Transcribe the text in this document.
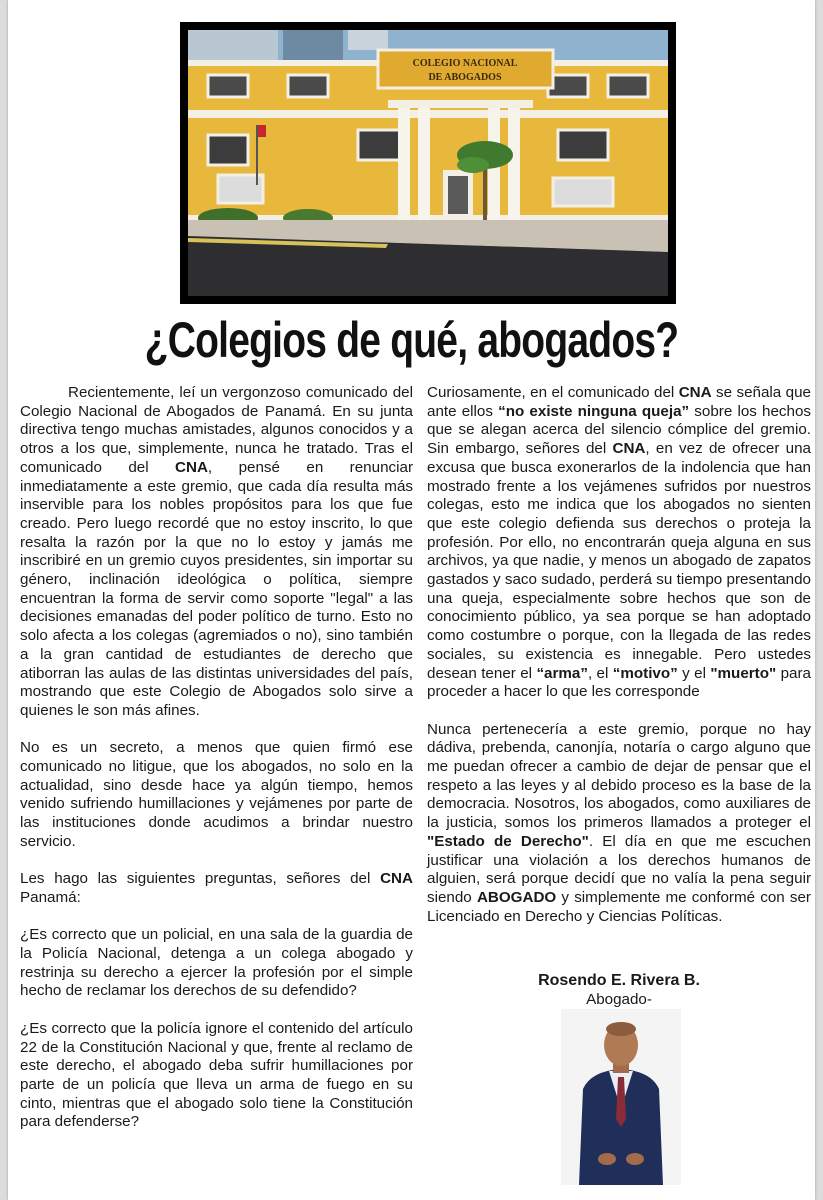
COLEGIO NACIONAL
DE ABOGADOS
¿Colegios de qué, abogados?

Recientemente, leí un vergonzoso comunicado del Colegio Nacional de Abogados de Panamá. En su junta directiva tengo muchas amistades, algunos conocidos y a otros a los que, simplemente, nunca he tratado. Tras el comunicado del CNA, pensé en renunciar inmediatamente a este gremio, que cada día resulta más inservible para los nobles propósitos para los que fue creado. Pero luego recordé que no estoy inscrito, lo que resalta la razón por la que no lo estoy y jamás me inscribiré en un gremio cuyos presidentes, sin importar su género, inclinación ideológica o política, siempre encuentran la forma de servir como soporte "legal" a las decisiones emanadas del poder político de turno. Esto no solo afecta a los colegas (agremiados o no), sino también a la gran cantidad de estudiantes de derecho que atiborran las aulas de las distintas universidades del país, mostrando que este Colegio de Abogados solo sirve a quienes le son más afines.

No es un secreto, a menos que quien firmó ese comunicado no litigue, que los abogados, no solo en la actualidad, sino desde hace ya algún tiempo, hemos venido sufriendo humillaciones y vejámenes por parte de las instituciones donde acudimos a brindar nuestro servicio.

Les hago las siguientes preguntas, señores del CNA Panamá:

¿Es correcto que un policial, en una sala de la guardia de la Policía Nacional, detenga a un colega abogado y restrinja su derecho a ejercer la profesión por el simple hecho de reclamar los derechos de su defendido?

¿Es correcto que la policía ignore el contenido del artículo 22 de la Constitución Nacional y que, frente al reclamo de este derecho, el abogado deba sufrir humillaciones por parte de un policía que lleva un arma de fuego en su cinto, mientras que el abogado solo tiene la Constitución para defenderse?

Curiosamente, en el comunicado del CNA se señala que ante ellos “no existe ninguna queja” sobre los hechos que se alegan acerca del silencio cómplice del gremio. Sin embargo, señores del CNA, en vez de ofrecer una excusa que busca exonerarlos de la indolencia que han mostrado frente a los vejámenes sufridos por nuestros colegas, esto me indica que los abogados no sienten que este colegio defienda sus derechos o proteja la profesión. Por ello, no encontrarán queja alguna en sus archivos, ya que nadie, y menos un abogado de zapatos gastados y saco sudado, perderá su tiempo presentando una queja, especialmente sobre hechos que son de conocimiento público, ya sea porque se han adoptado como costumbre o porque, con la llegada de las redes sociales, su existencia es innegable. Pero ustedes desean tener el “arma”, el “motivo” y el "muerto" para proceder a hacer lo que les corresponde

Nunca pertenecería a este gremio, porque no hay dádiva, prebenda, canonjía, notaría o cargo alguno que me puedan ofrecer a cambio de dejar de pensar que el respeto a las leyes y al debido proceso es la base de la democracia. Nosotros, los abogados, como auxiliares de la justicia, somos los primeros llamados a proteger el "Estado de Derecho". El día en que me escuchen justificar una violación a los derechos humanos de alguien, será porque decidí que no valía la pena seguir siendo ABOGADO y simplemente me conformé con ser Licenciado en Derecho y Ciencias Políticas.

Rosendo E. Rivera B.
Abogado-
